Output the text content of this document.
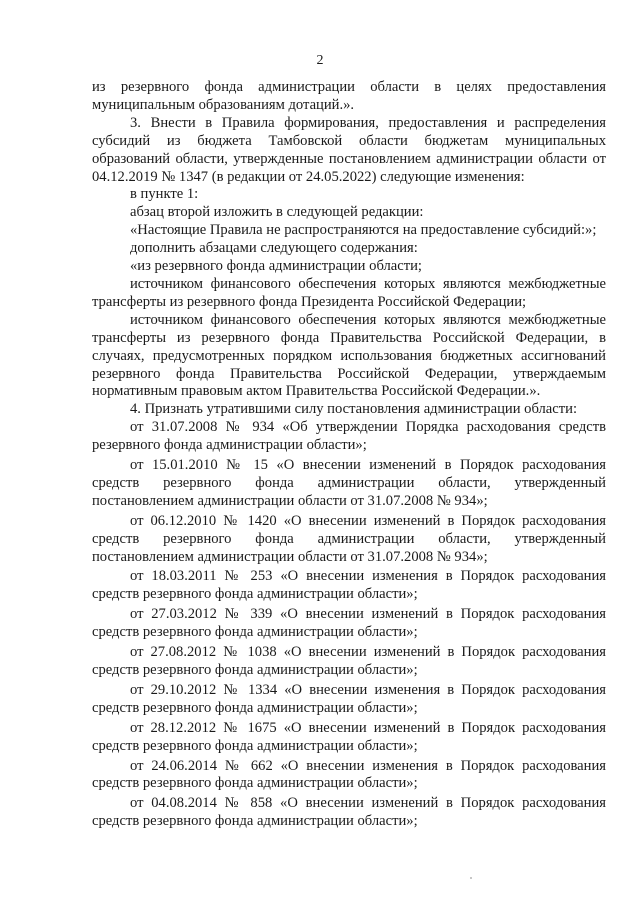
2

из резервного фонда администрации области в целях предоставления муниципальным образованиям дотаций.».

3. Внести в Правила формирования, предоставления и распределения субсидий из бюджета Тамбовской области бюджетам муниципальных образований области, утвержденные постановлением администрации области от 04.12.2019 № 1347 (в редакции от 24.05.2022) следующие изменения:

в пункте 1:

абзац второй изложить в следующей редакции:

«Настоящие Правила не распространяются на предоставление субсидий:»;

дополнить абзацами следующего содержания:

«из резервного фонда администрации области;

источником финансового обеспечения которых являются межбюджетные трансферты из резервного фонда Президента Российской Федерации;

источником финансового обеспечения которых являются межбюджетные трансферты из резервного фонда Правительства Российской Федерации, в случаях, предусмотренных порядком использования бюджетных ассигнований резервного фонда Правительства Российской Федерации, утверждаемым нормативным правовым актом Правительства Российской Федерации.».

4. Признать утратившими силу постановления администрации области:

от 31.07.2008 № 934 «Об утверждении Порядка расходования средств резервного фонда администрации области»;

от 15.01.2010 № 15 «О внесении изменений в Порядок расходования средств резервного фонда администрации области, утвержденный постановлением администрации области от 31.07.2008 № 934»;

от 06.12.2010 № 1420 «О внесении изменений в Порядок расходования средств резервного фонда администрации области, утвержденный постановлением администрации области от 31.07.2008 № 934»;

от 18.03.2011 № 253 «О внесении изменения в Порядок расходования средств резервного фонда администрации области»;

от 27.03.2012 № 339 «О внесении изменений в Порядок расходования средств резервного фонда администрации области»;

от 27.08.2012 № 1038 «О внесении изменений в Порядок расходования средств резервного фонда администрации области»;

от 29.10.2012 № 1334 «О внесении изменения в Порядок расходования средств резервного фонда администрации области»;

от 28.12.2012 № 1675 «О внесении изменений в Порядок расходования средств резервного фонда администрации области»;

от 24.06.2014 № 662 «О внесении изменения в Порядок расходования средств резервного фонда администрации области»;

от 04.08.2014 № 858 «О внесении изменений в Порядок расходования средств резервного фонда администрации области»;
